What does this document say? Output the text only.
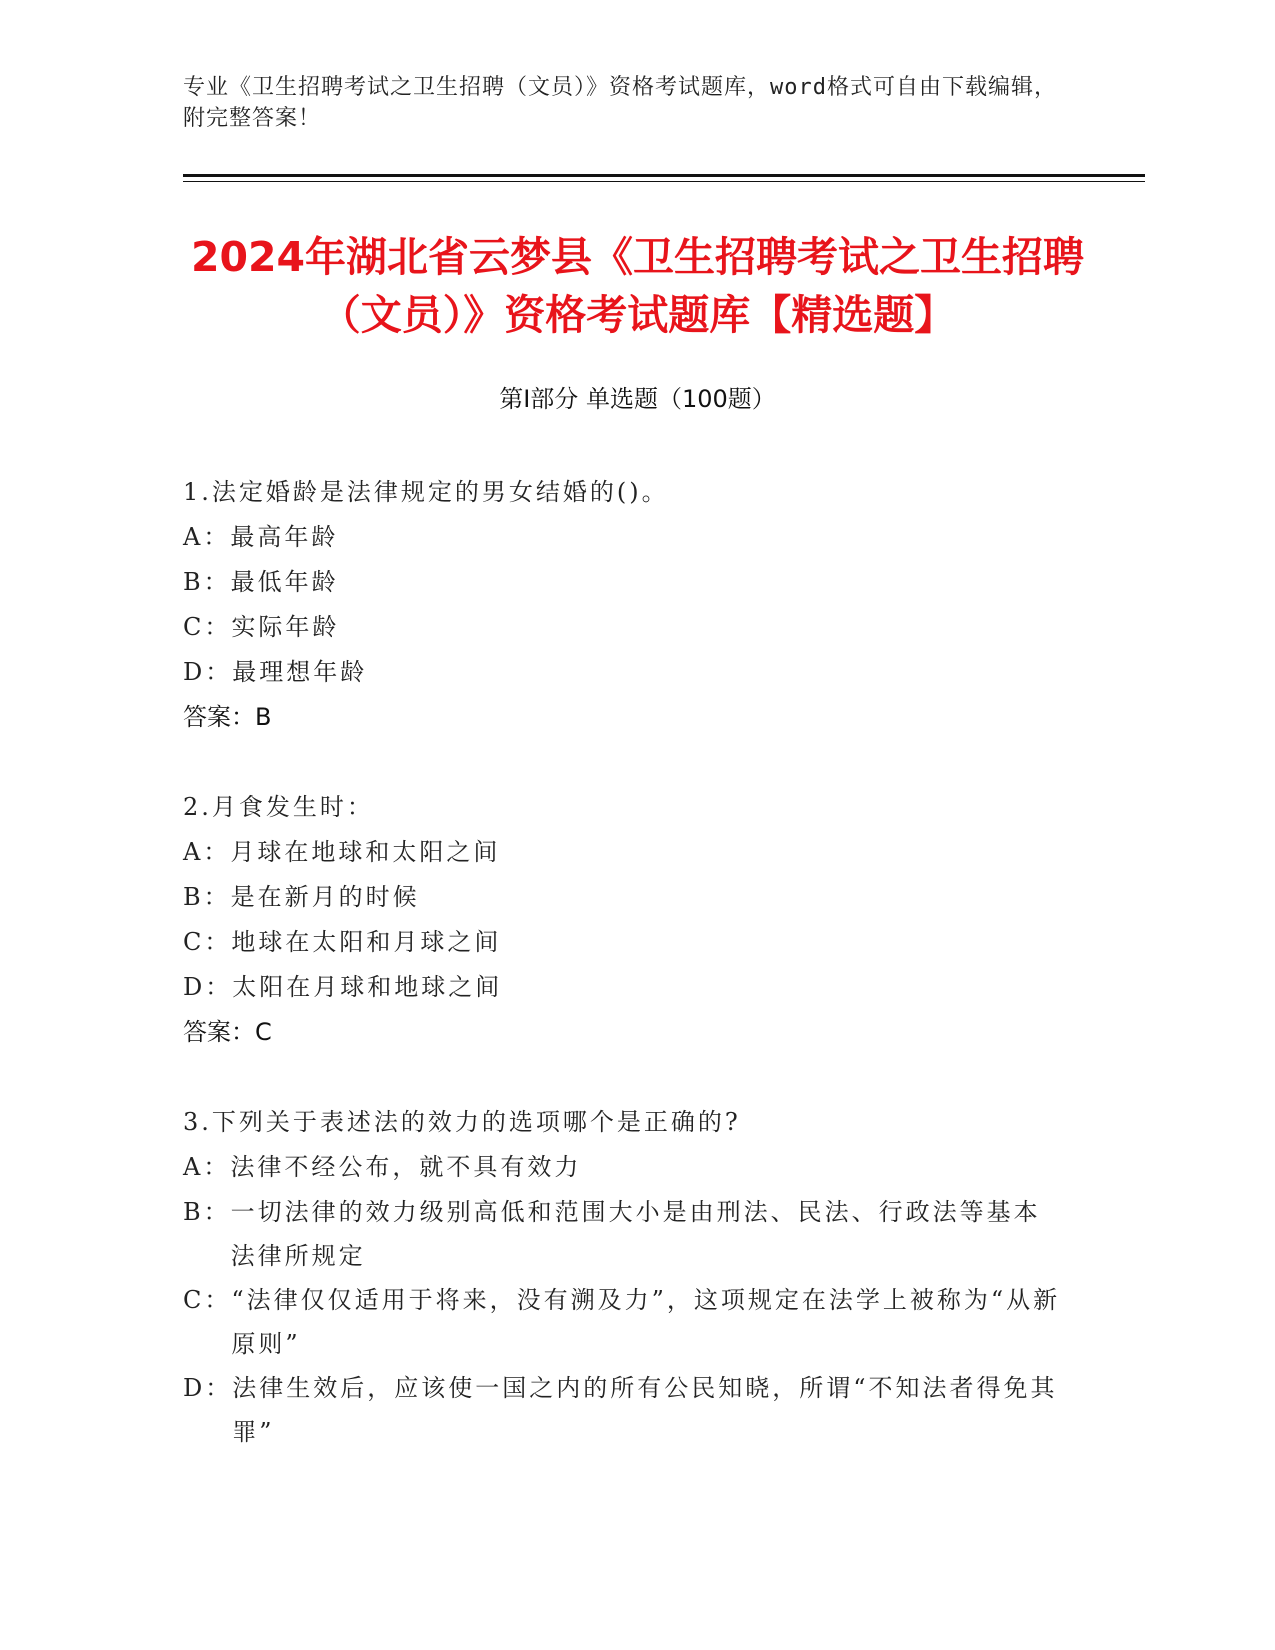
专业《卫生招聘考试之卫生招聘（文员）》资格考试题库，word格式可自由下载编辑，附完整答案！
2024年湖北省云梦县《卫生招聘考试之卫生招聘（文员）》资格考试题库【精选题】
第Ⅰ部分 单选题（100题）
1.法定婚龄是法律规定的男女结婚的()。
A： 最高年龄
B： 最低年龄
C： 实际年龄
D： 最理想年龄
答案：B
2.月食发生时：
A： 月球在地球和太阳之间
B： 是在新月的时候
C： 地球在太阳和月球之间
D： 太阳在月球和地球之间
答案：C
3.下列关于表述法的效力的选项哪个是正确的?
A： 法律不经公布，就不具有效力
B： 一切法律的效力级别高低和范围大小是由刑法、民法、行政法等基本法律所规定
C： “法律仅仅适用于将来，没有溯及力”，这项规定在法学上被称为“从新原则”
D： 法律生效后，应该使一国之内的所有公民知晓，所谓“不知法者得免其罪”
